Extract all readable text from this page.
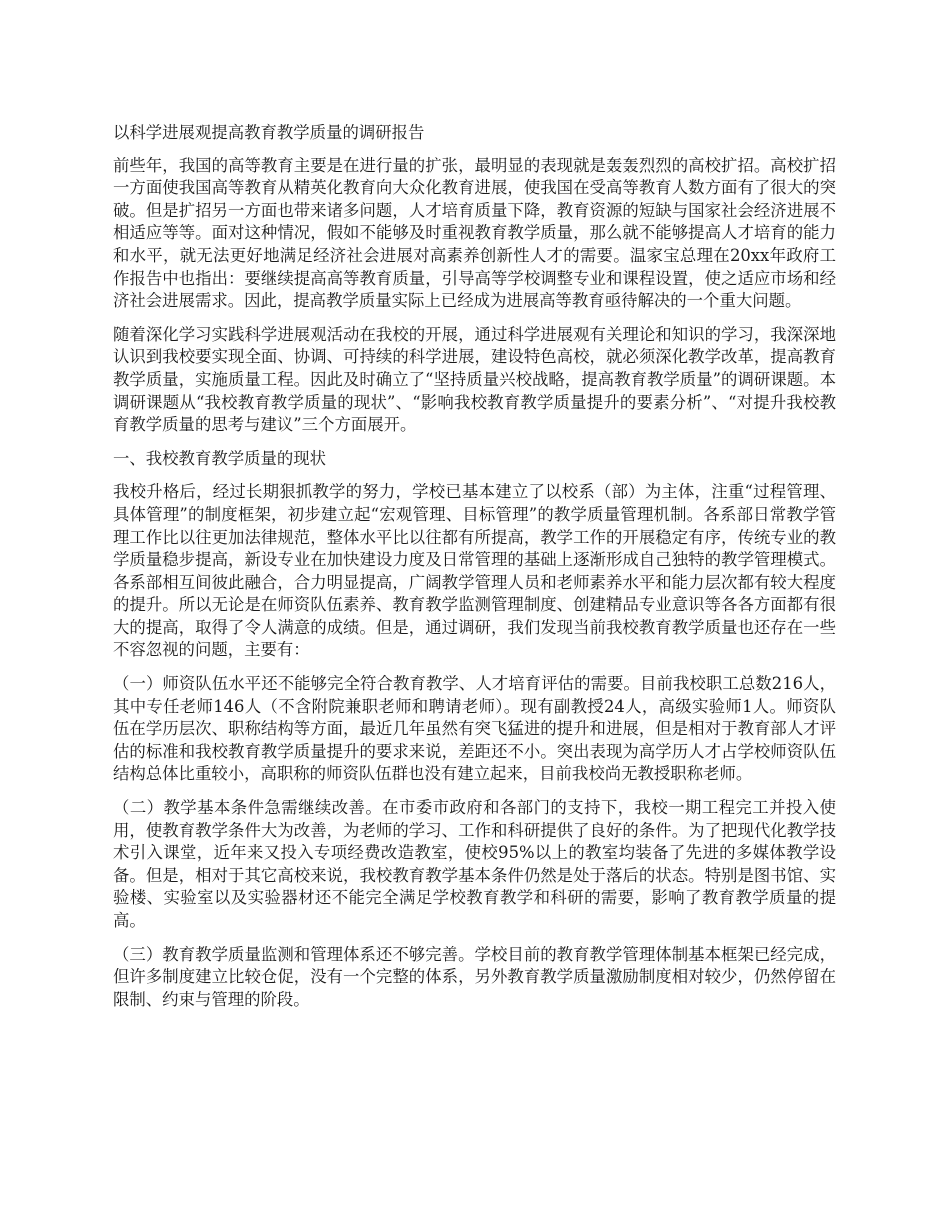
以科学进展观提高教育教学质量的调研报告

前些年，我国的高等教育主要是在进行量的扩张，最明显的表现就是轰轰烈烈的高校扩招。高校扩招一方面使我国高等教育从精英化教育向大众化教育进展，使我国在受高等教育人数方面有了很大的突破。但是扩招另一方面也带来诸多问题，人才培育质量下降，教育资源的短缺与国家社会经济进展不相适应等等。面对这种情况，假如不能够及时重视教育教学质量，那么就不能够提高人才培育的能力和水平，就无法更好地满足经济社会进展对高素养创新性人才的需要。温家宝总理在20xx年政府工作报告中也指出：要继续提高高等教育质量，引导高等学校调整专业和课程设置，使之适应市场和经济社会进展需求。因此，提高教学质量实际上已经成为进展高等教育亟待解决的一个重大问题。

随着深化学习实践科学进展观活动在我校的开展，通过科学进展观有关理论和知识的学习，我深深地认识到我校要实现全面、协调、可持续的科学进展，建设特色高校，就必须深化教学改革，提高教育教学质量，实施质量工程。因此及时确立了“坚持质量兴校战略，提高教育教学质量”的调研课题。本调研课题从“我校教育教学质量的现状”、“影响我校教育教学质量提升的要素分析”、“对提升我校教育教学质量的思考与建议”三个方面展开。

一、我校教育教学质量的现状

我校升格后，经过长期狠抓教学的努力，学校已基本建立了以校系（部）为主体，注重“过程管理、具体管理”的制度框架，初步建立起“宏观管理、目标管理”的教学质量管理机制。各系部日常教学管理工作比以往更加法律规范，整体水平比以往都有所提高，教学工作的开展稳定有序，传统专业的教学质量稳步提高，新设专业在加快建设力度及日常管理的基础上逐渐形成自己独特的教学管理模式。各系部相互间彼此融合，合力明显提高，广阔教学管理人员和老师素养水平和能力层次都有较大程度的提升。所以无论是在师资队伍素养、教育教学监测管理制度、创建精品专业意识等各各方面都有很大的提高，取得了令人满意的成绩。但是，通过调研，我们发现当前我校教育教学质量也还存在一些不容忽视的问题，主要有：

（一）师资队伍水平还不能够完全符合教育教学、人才培育评估的需要。目前我校职工总数216人，其中专任老师146人（不含附院兼职老师和聘请老师）。现有副教授24人，高级实验师1人。师资队伍在学历层次、职称结构等方面，最近几年虽然有突飞猛进的提升和进展，但是相对于教育部人才评估的标准和我校教育教学质量提升的要求来说，差距还不小。突出表现为高学历人才占学校师资队伍结构总体比重较小，高职称的师资队伍群也没有建立起来，目前我校尚无教授职称老师。

（二）教学基本条件急需继续改善。在市委市政府和各部门的支持下，我校一期工程完工并投入使用，使教育教学条件大为改善，为老师的学习、工作和科研提供了良好的条件。为了把现代化教学技术引入课堂，近年来又投入专项经费改造教室，使校95%以上的教室均装备了先进的多媒体教学设备。但是，相对于其它高校来说，我校教育教学基本条件仍然是处于落后的状态。特别是图书馆、实验楼、实验室以及实验器材还不能完全满足学校教育教学和科研的需要，影响了教育教学质量的提高。

（三）教育教学质量监测和管理体系还不够完善。学校目前的教育教学管理体制基本框架已经完成，但许多制度建立比较仓促，没有一个完整的体系，另外教育教学质量激励制度相对较少，仍然停留在限制、约束与管理的阶段。
